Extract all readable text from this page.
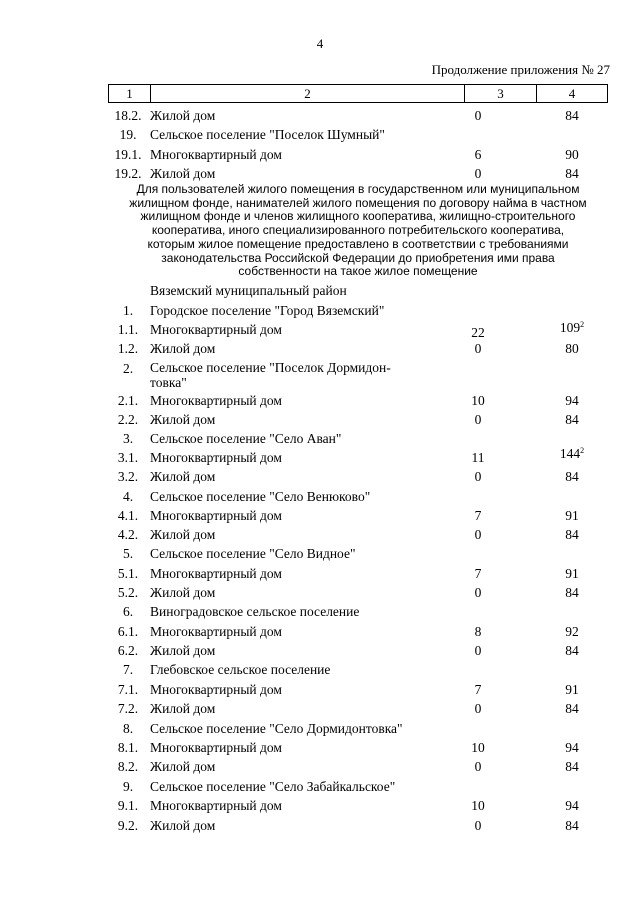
4
Продолжение приложения № 27
1	2	3	4
18.2. Жилой дом	0	84
19.	Сельское поселение "Поселок Шумный"
19.1. Многоквартирный дом	6	90
19.2. Жилой дом	0	84
Для пользователей жилого помещения в государственном или муниципальном
жилищном фонде, нанимателей жилого помещения по договору найма в частном
жилищном фонде и членов жилищного кооператива, жилищно-строительного
кооператива, иного специализированного потребительского кооператива,
которым жилое помещение предоставлено в соответствии с требованиями
законодательства Российской Федерации до приобретения ими права
собственности на такое жилое помещение
Вяземский муниципальный район
1.	Городское поселение "Город Вяземский"
1.1. Многоквартирный дом	22	$109^2$
1.2. Жилой дом	0	80
2.	Сельское поселение "Поселок Дормидон-
товка"
2.1. Многоквартирный дом	10	94
2.2. Жилой дом	0	84
3.	Сельское поселение "Село Аван"
3.1. Многоквартирный дом	11	$144^2$
3.2. Жилой дом	0	84
4.	Сельское поселение "Село Венюково"
4.1. Многоквартирный дом	7	91
4.2. Жилой дом	0	84
5.	Сельское поселение "Село Видное"
5.1. Многоквартирный дом	7	91
5.2. Жилой дом	0	84
6.	Виноградовское сельское поселение
6.1. Многоквартирный дом	8	92
6.2. Жилой дом	0	84
7.	Глебовское сельское поселение
7.1. Многоквартирный дом	7	91
7.2. Жилой дом	0	84
8.	Сельское поселение "Село Дормидонтовка"
8.1. Многоквартирный дом	10	94
8.2. Жилой дом	0	84
9.	Сельское поселение "Село Забайкальское"
9.1. Многоквартирный дом	10	94
9.2. Жилой дом	0	84
